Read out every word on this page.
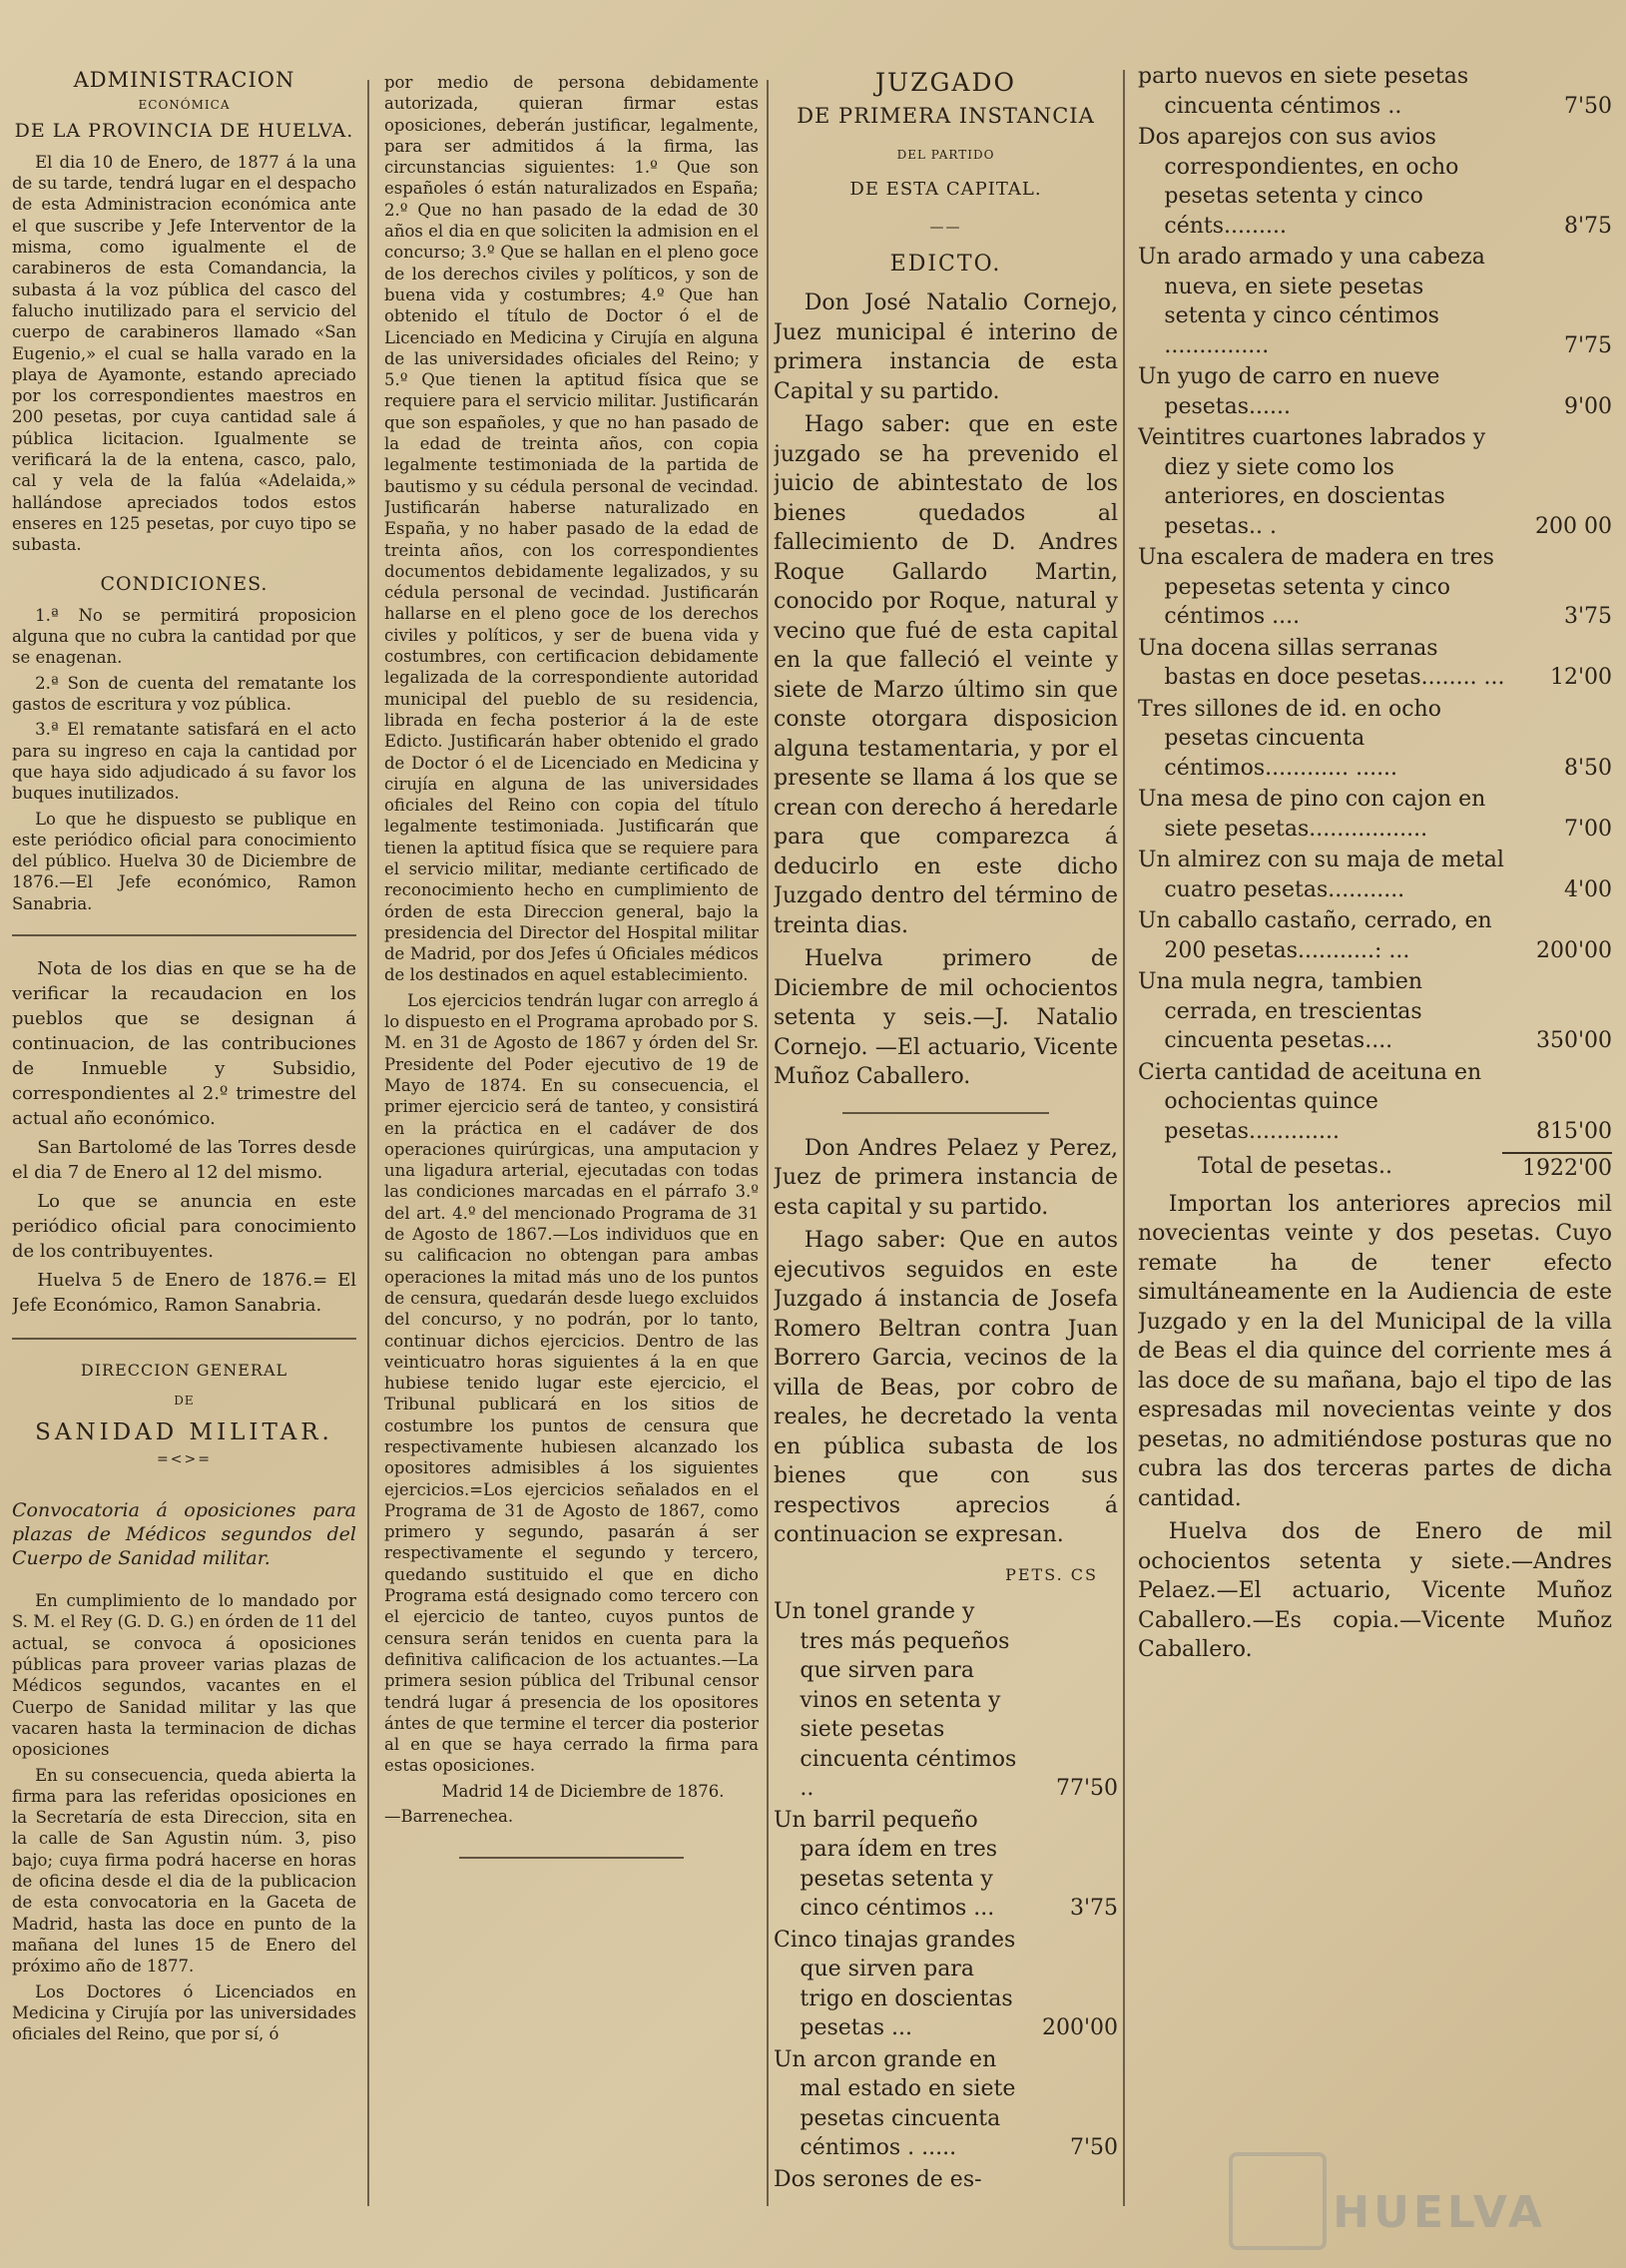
ADMINISTRACION
ECONÓMICA
DE LA PROVINCIA DE HUELVA.

El dia 10 de Enero, de 1877 á la una de su tarde, tendrá lugar en el despacho de esta Administracion económica ante el que suscribe y Jefe Interventor de la misma, como igualmente el de carabineros de esta Comandancia, la subasta á la voz pública del casco del falucho inutilizado para el servicio del cuerpo de carabineros llamado «San Eugenio,» el cual se halla varado en la playa de Ayamonte, estando apreciado por los correspondientes maestros en 200 pesetas, por cuya cantidad sale á pública licitacion. Igualmente se verificará la de la entena, casco, palo, cal y vela de la falúa «Adelaida,» hallándose apreciados todos estos enseres en 125 pesetas, por cuyo tipo se subasta.

CONDICIONES.

1.ª No se permitirá proposicion alguna que no cubra la cantidad por que se enagenan.

2.ª Son de cuenta del rematante los gastos de escritura y voz pública.

3.ª El rematante satisfará en el acto para su ingreso en caja la cantidad por que haya sido adjudicado á su favor los buques inutilizados.

Lo que he dispuesto se publique en este periódico oficial para conocimiento del público. Huelva 30 de Diciembre de 1876.—El Jefe económico, Ramon Sanabria.

Nota de los dias en que se ha de verificar la recaudacion en los pueblos que se designan á continuacion, de las contribuciones de Inmueble y Subsidio, correspondientes al 2.º trimestre del actual año económico.

San Bartolomé de las Torres desde el dia 7 de Enero al 12 del mismo.

Lo que se anuncia en este periódico oficial para conocimiento de los contribuyentes.

Huelva 5 de Enero de 1876.= El Jefe Económico, Ramon Sanabria.

DIRECCION GENERAL
DE
SANIDAD MILITAR.
=<>=
Convocatoria á oposiciones para plazas de Médicos segundos del Cuerpo de Sanidad militar.

En cumplimiento de lo mandado por S. M. el Rey (G. D. G.) en órden de 11 del actual, se convoca á oposiciones públicas para proveer varias plazas de Médicos segundos, vacantes en el Cuerpo de Sanidad militar y las que vacaren hasta la terminacion de dichas oposiciones

En su consecuencia, queda abierta la firma para las referidas oposiciones en la Secretaría de esta Direccion, sita en la calle de San Agustin núm. 3, piso bajo; cuya firma podrá hacerse en horas de oficina desde el dia de la publicacion de esta convocatoria en la Gaceta de Madrid, hasta las doce en punto de la mañana del lunes 15 de Enero del próximo año de 1877.

Los Doctores ó Licenciados en Medicina y Cirujía por las universidades oficiales del Reino, que por sí, ó

por medio de persona debidamente autorizada, quieran firmar estas oposiciones, deberán justificar, legalmente, para ser admitidos á la firma, las circunstancias siguientes: 1.º Que son españoles ó están naturalizados en España; 2.º Que no han pasado de la edad de 30 años el dia en que soliciten la admision en el concurso; 3.º Que se hallan en el pleno goce de los derechos civiles y políticos, y son de buena vida y costumbres; 4.º Que han obtenido el título de Doctor ó el de Licenciado en Medicina y Cirujía en alguna de las universidades oficiales del Reino; y 5.º Que tienen la aptitud física que se requiere para el servicio militar. Justificarán que son españoles, y que no han pasado de la edad de treinta años, con copia legalmente testimoniada de la partida de bautismo y su cédula personal de vecindad. Justificarán haberse naturalizado en España, y no haber pasado de la edad de treinta años, con los correspondientes documentos debidamente legalizados, y su cédula personal de vecindad. Justificarán hallarse en el pleno goce de los derechos civiles y políticos, y ser de buena vida y costumbres, con certificacion debidamente legalizada de la correspondiente autoridad municipal del pueblo de su residencia, librada en fecha posterior á la de este Edicto. Justificarán haber obtenido el grado de Doctor ó el de Licenciado en Medicina y cirujía en alguna de las universidades oficiales del Reino con copia del título legalmente testimoniada. Justificarán que tienen la aptitud física que se requiere para el servicio militar, mediante certificado de reconocimiento hecho en cumplimiento de órden de esta Direccion general, bajo la presidencia del Director del Hospital militar de Madrid, por dos Jefes ú Oficiales médicos de los destinados en aquel establecimiento.

Los ejercicios tendrán lugar con arreglo á lo dispuesto en el Programa aprobado por S. M. en 31 de Agosto de 1867 y órden del Sr. Presidente del Poder ejecutivo de 19 de Mayo de 1874. En su consecuencia, el primer ejercicio será de tanteo, y consistirá en la práctica en el cadáver de dos operaciones quirúrgicas, una amputacion y una ligadura arterial, ejecutadas con todas las condiciones marcadas en el párrafo 3.º del art. 4.º del mencionado Programa de 31 de Agosto de 1867.—Los individuos que en su calificacion no obtengan para ambas operaciones la mitad más uno de los puntos de censura, quedarán desde luego excluidos del concurso, y no podrán, por lo tanto, continuar dichos ejercicios. Dentro de las veinticuatro horas siguientes á la en que hubiese tenido lugar este ejercicio, el Tribunal publicará en los sitios de costumbre los puntos de censura que respectivamente hubiesen alcanzado los opositores admisibles á los siguientes ejercicios.=Los ejercicios señalados en el Programa de 31 de Agosto de 1867, como primero y segundo, pasarán á ser respectivamente el segundo y tercero, quedando sustituido el que en dicho Programa está designado como tercero con el ejercicio de tanteo, cuyos puntos de censura serán tenidos en cuenta para la definitiva calificacion de los actuantes.—La primera sesion pública del Tribunal censor tendrá lugar á presencia de los opositores ántes de que termine el tercer dia posterior al en que se haya cerrado la firma para estas oposiciones.

Madrid 14 de Diciembre de 1876.

—Barrenechea.

JUZGADO
DE PRIMERA INSTANCIA
DEL PARTIDO
DE ESTA CAPITAL.
——
EDICTO.

Don José Natalio Cornejo, Juez municipal é interino de primera instancia de esta Capital y su partido.

Hago saber: que en este juzgado se ha prevenido el juicio de abintestato de los bienes quedados al fallecimiento de D. Andres Roque Gallardo Martin, conocido por Roque, natural y vecino que fué de esta capital en la que falleció el veinte y siete de Marzo último sin que conste otorgara disposicion alguna testamentaria, y por el presente se llama á los que se crean con derecho á heredarle para que comparezca á deducirlo en este dicho Juzgado dentro del término de treinta dias.

Huelva primero de Diciembre de mil ochocientos setenta y seis.—J. Natalio Cornejo. —El actuario, Vicente Muñoz Caballero.

Don Andres Pelaez y Perez, Juez de primera instancia de esta capital y su partido.

Hago saber: Que en autos ejecutivos seguidos en este Juzgado á instancia de Josefa Romero Beltran contra Juan Borrero Garcia, vecinos de la villa de Beas, por cobro de reales, he decretado la venta en pública subasta de los bienes que con sus respectivos aprecios á continuacion se expresan.

PETS. CS
Un tonel grande y tres más pequeños que sirven para vinos en setenta y siete pesetas cincuenta céntimos ..	77'50
Un barril pequeño para ídem en tres pesetas setenta y cinco céntimos ...	3'75
Cinco tinajas grandes que sirven para trigo en doscientas pesetas ...	200'00
Un arcon grande en mal estado en siete pesetas cincuenta céntimos . .....	7'50
Dos serones de es-
parto nuevos en siete pesetas cincuenta céntimos ..	7'50
Dos aparejos con sus avios correspondientes, en ocho pesetas setenta y cinco cénts.........	8'75
Un arado armado y una cabeza nueva, en siete pesetas setenta y cinco céntimos ...............	7'75
Un yugo de carro en nueve pesetas......	9'00
Veintitres cuartones labrados y diez y siete como los anteriores, en doscientas pesetas.. .	200 00
Una escalera de madera en tres pepesetas setenta y cinco céntimos ....	3'75
Una docena sillas serranas bastas en doce pesetas........ ...	12'00
Tres sillones de id. en ocho pesetas cincuenta céntimos............ ......	8'50
Una mesa de pino con cajon en siete pesetas.................	7'00
Un almirez con su maja de metal cuatro pesetas...........	4'00
Un caballo castaño, cerrado, en 200 pesetas...........: ...	200'00
Una mula negra, tambien cerrada, en trescientas cincuenta pesetas....	350'00
Cierta cantidad de aceituna en ochocientas quince pesetas.............	815'00
Total de pesetas..	1922'00

Importan los anteriores aprecios mil novecientas veinte y dos pesetas. Cuyo remate ha de tener efecto simultáneamente en la Audiencia de este Juzgado y en la del Municipal de la villa de Beas el dia quince del corriente mes á las doce de su mañana, bajo el tipo de las espresadas mil novecientas veinte y dos pesetas, no admitiéndose posturas que no cubra las dos terceras partes de dicha cantidad.

Huelva dos de Enero de mil ochocientos setenta y siete.—Andres Pelaez.—El actuario, Vicente Muñoz Caballero.—Es copia.—Vicente Muñoz Caballero.

HUELVA
